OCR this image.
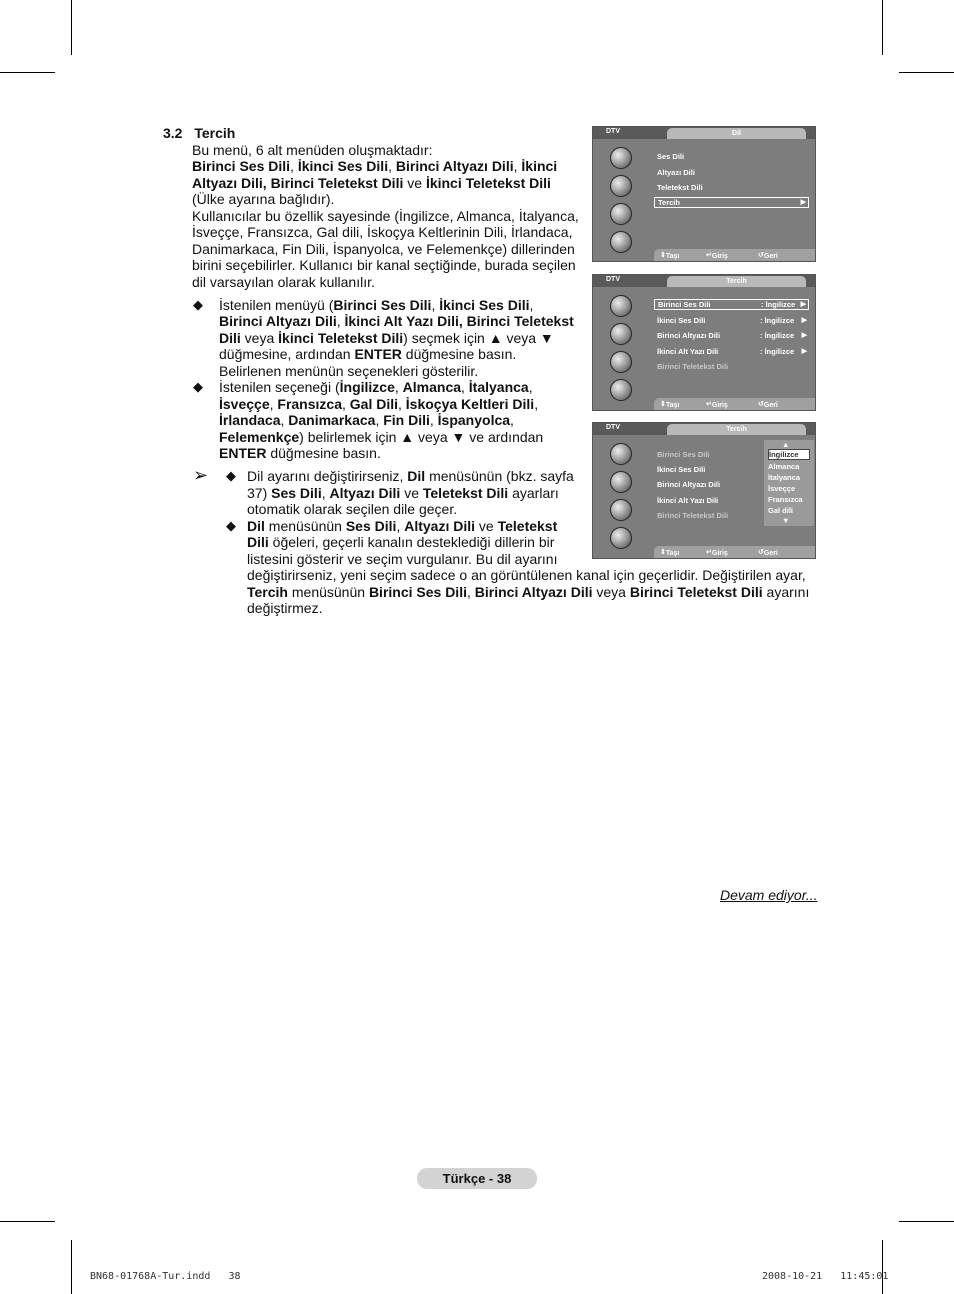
3.2 Tercih
Bu menü, 6 alt menüden oluşmaktadır:
Birinci Ses Dili, İkinci Ses Dili, Birinci Altyazı Dili, İkinci
Altyazı Dili, Birinci Teletekst Dili ve İkinci Teletekst Dili
(Ülke ayarına bağlıdır).
Kullanıcılar bu özellik sayesinde (İngilizce, Almanca, İtalyanca,
İsveççe, Fransızca, Gal dili, İskoçya Keltlerinin Dili, İrlandaca,
Danimarkaca, Fin Dili, İspanyolca, ve Felemenkçe) dillerinden
birini seçebilirler. Kullanıcı bir kanal seçtiğinde, burada seçilen
dil varsayılan olarak kullanılır.
◆ İstenilen menüyü (Birinci Ses Dili, İkinci Ses Dili,
Birinci Altyazı Dili, İkinci Alt Yazı Dili, Birinci Teletekst
Dili veya İkinci Teletekst Dili) seçmek için ▲ veya ▼
düğmesine, ardından ENTER düğmesine basın.
Belirlenen menünün seçenekleri gösterilir.
◆ İstenilen seçeneği (İngilizce, Almanca, İtalyanca,
İsveççe, Fransızca, Gal Dili, İskoçya Keltleri Dili,
İrlandaca, Danimarkaca, Fin Dili, İspanyolca,
Felemenkçe) belirlemek için ▲ veya ▼ ve ardından
ENTER düğmesine basın.
➢ ◆ Dil ayarını değiştirirseniz, Dil menüsünün (bkz. sayfa
37) Ses Dili, Altyazı Dili ve Teletekst Dili ayarları
otomatik olarak seçilen dile geçer.
◆ Dil menüsünün Ses Dili, Altyazı Dili ve Teletekst
Dili öğeleri, geçerli kanalın desteklediği dillerin bir
listesini gösterir ve seçim vurgulanır. Bu dil ayarını
değiştirirseniz, yeni seçim sadece o an görüntülenen kanal için geçerlidir. Değiştirilen ayar,
Tercih menüsünün Birinci Ses Dili, Birinci Altyazı Dili veya Birinci Teletekst Dili ayarını
değiştirmez.
DTV	Dil
Ses Dili
Altyazı Dili
Teletekst Dili
Tercih	▶
⇕ Taşı	↵ Giriş	↺ Geri
DTV	Tercih
Birinci Ses Dili	: İngilizce ▶
İkinci Ses Dili	: İngilizce ▶
Birinci Altyazı Dili	: İngilizce ▶
İkinci Alt Yazı Dili	: İngilizce ▶
Birinci Teletekst Dili
⇕ Taşı	↵ Giriş	↺ Geri
DTV	Tercih
Birinci Ses Dili
İkinci Ses Dili
Birinci Altyazı Dili
İkinci Alt Yazı Dili
Birinci Teletekst Dili
▲
İngilizce
Almanca
İtalyanca
İsveççe
Fransızca
Gal dili
▼
⇕ Taşı	↵ Giriş	↺ Geri
Devam ediyor...
Türkçe - 38
BN68-01768A-Tur.indd   38	2008-10-21   11:45:01
